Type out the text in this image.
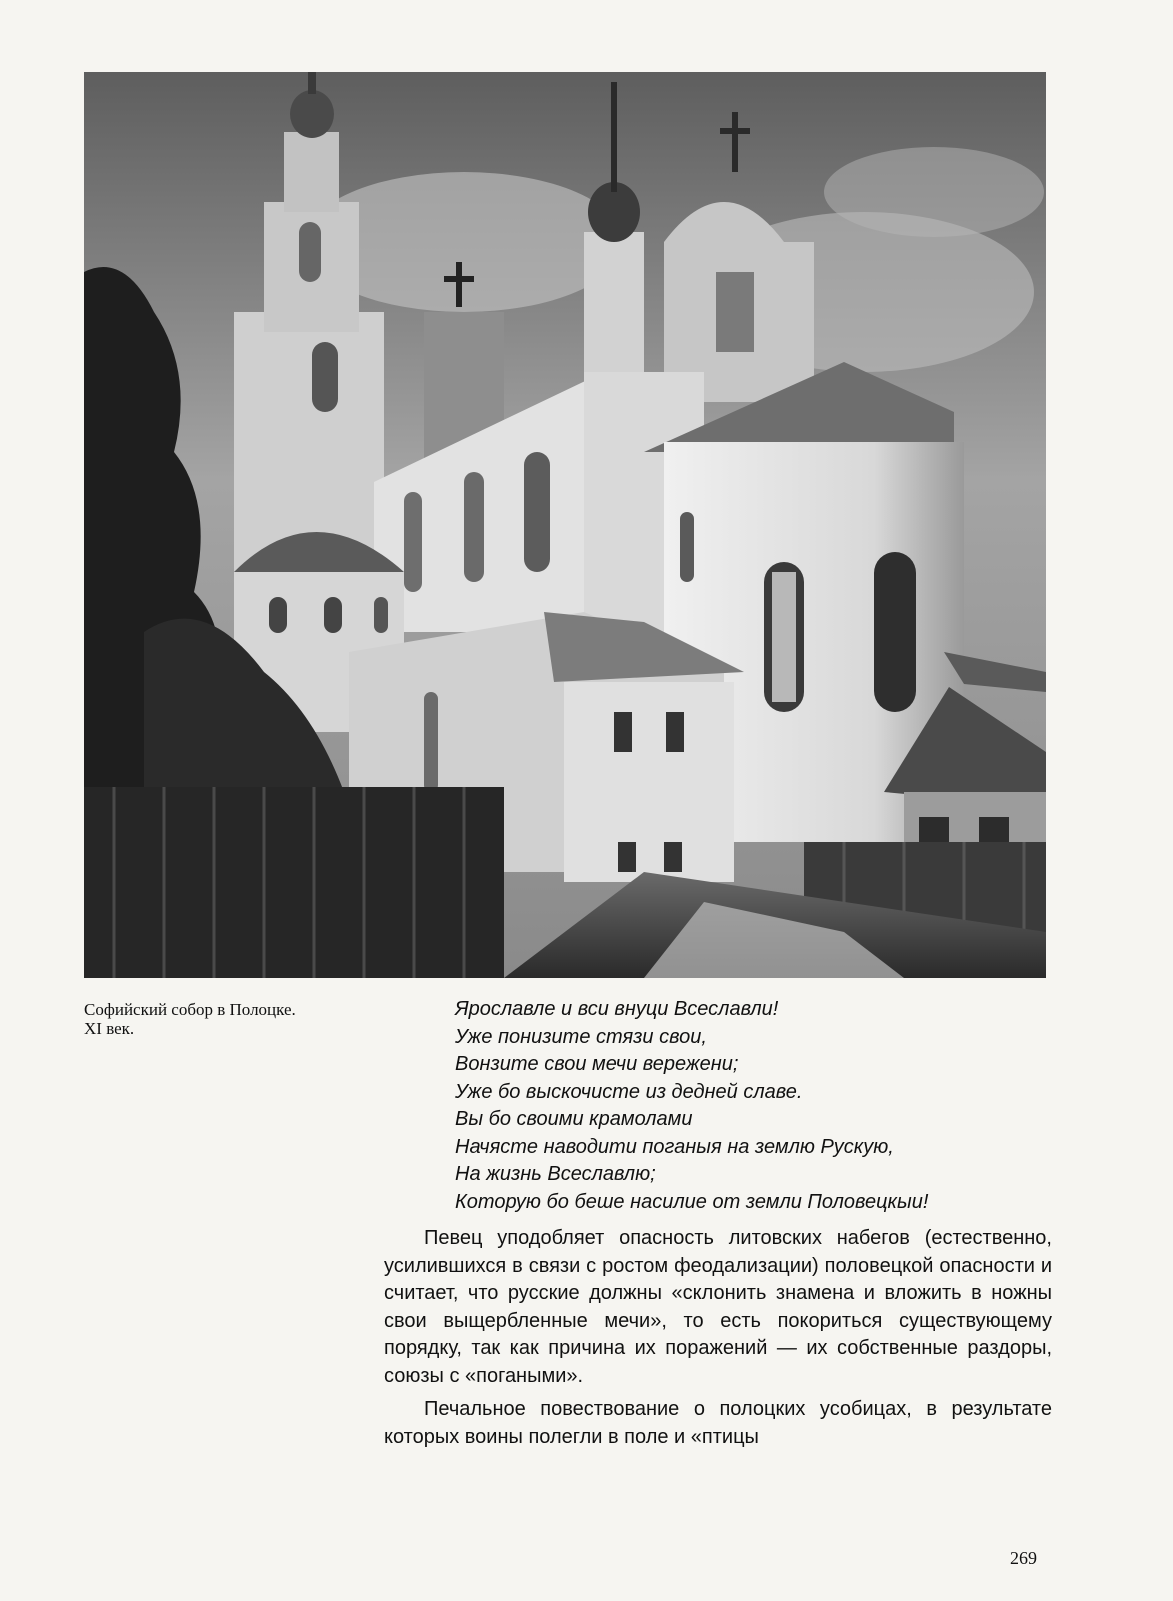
Софийский собор в Полоцке.
XI век.
Ярославле и вси внуци Всеславли!
Уже понизите стязи свои,
Вонзите свои мечи вережени;
Уже бо выскочисте из дедней славе.
Вы бо своими крамолами
Начясте наводити поганыя на землю Рускую,
На жизнь Всеславлю;
Которую бо беше насилие от земли Половецкыи!

Певец уподобляет опасность литовских набегов (естественно, усилившихся в связи с ростом феодализации) половецкой опасности и считает, что русские должны «склонить знамена и вложить в ножны свои выщербленные мечи», то есть покориться существующему порядку, так как причина их поражений — их собственные раздоры, союзы с «погаными».

Печальное повествование о полоцких усобицах, в результате которых воины полегли в поле и «птицы

269
